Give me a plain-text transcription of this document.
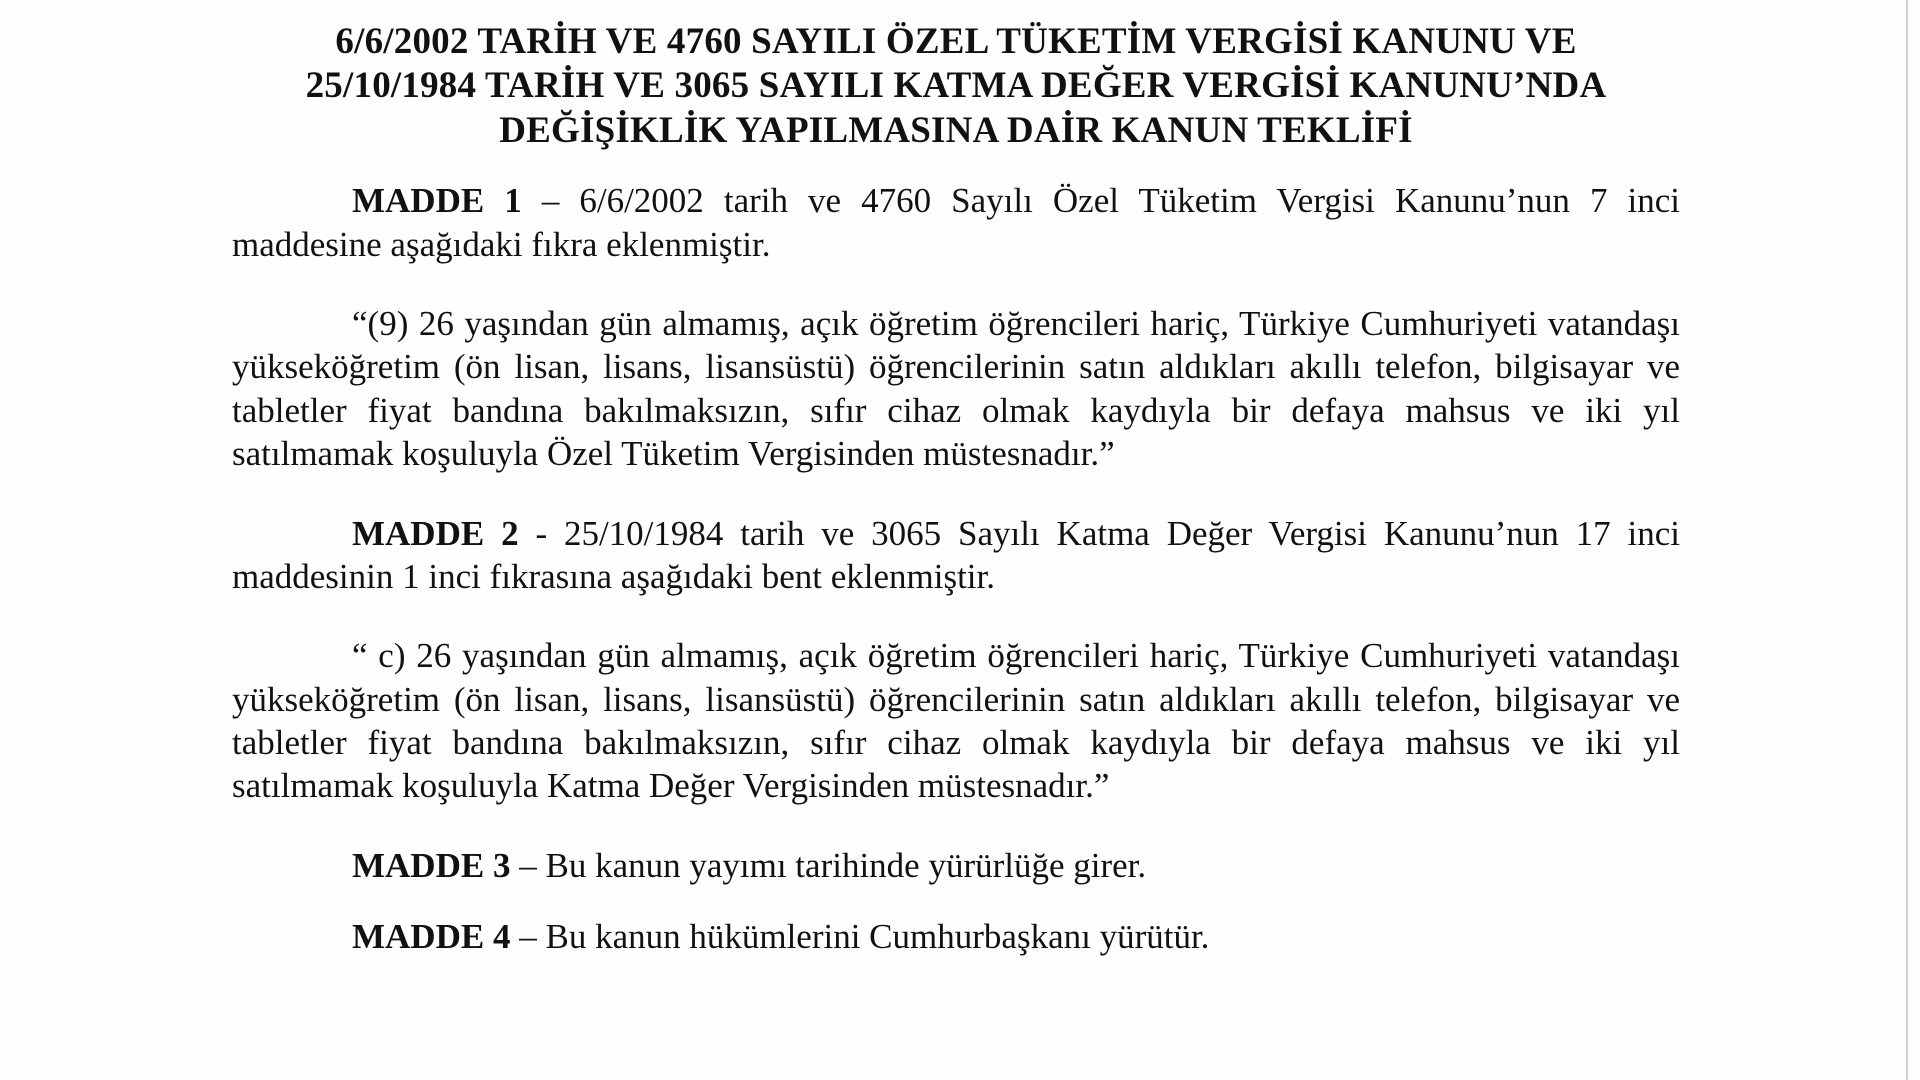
6/6/2002 TARİH VE 4760 SAYILI ÖZEL TÜKETİM VERGİSİ KANUNU VE
25/10/1984 TARİH VE 3065 SAYILI KATMA DEĞER VERGİSİ KANUNU’NDA
DEĞİŞİKLİK YAPILMASINA DAİR KANUN TEKLİFİ

MADDE 1 – 6/6/2002 tarih ve 4760 Sayılı Özel Tüketim Vergisi Kanunu’nun 7 inci maddesine aşağıdaki fıkra eklenmiştir.

“(9) 26 yaşından gün almamış, açık öğretim öğrencileri hariç, Türkiye Cumhuriyeti vatandaşı yükseköğretim (ön lisan, lisans, lisansüstü) öğrencilerinin satın aldıkları akıllı telefon, bilgisayar ve tabletler fiyat bandına bakılmaksızın, sıfır cihaz olmak kaydıyla bir defaya mahsus ve iki yıl satılmamak koşuluyla Özel Tüketim Vergisinden müstesnadır.”

MADDE 2 - 25/10/1984 tarih ve 3065 Sayılı Katma Değer Vergisi Kanunu’nun 17 inci maddesinin 1 inci fıkrasına aşağıdaki bent eklenmiştir.

“ c) 26 yaşından gün almamış, açık öğretim öğrencileri hariç, Türkiye Cumhuriyeti vatandaşı yükseköğretim (ön lisan, lisans, lisansüstü) öğrencilerinin satın aldıkları akıllı telefon, bilgisayar ve tabletler fiyat bandına bakılmaksızın, sıfır cihaz olmak kaydıyla bir defaya mahsus ve iki yıl satılmamak koşuluyla Katma Değer Vergisinden müstesnadır.”

MADDE 3 – Bu kanun yayımı tarihinde yürürlüğe girer.

MADDE 4 – Bu kanun hükümlerini Cumhurbaşkanı yürütür.
